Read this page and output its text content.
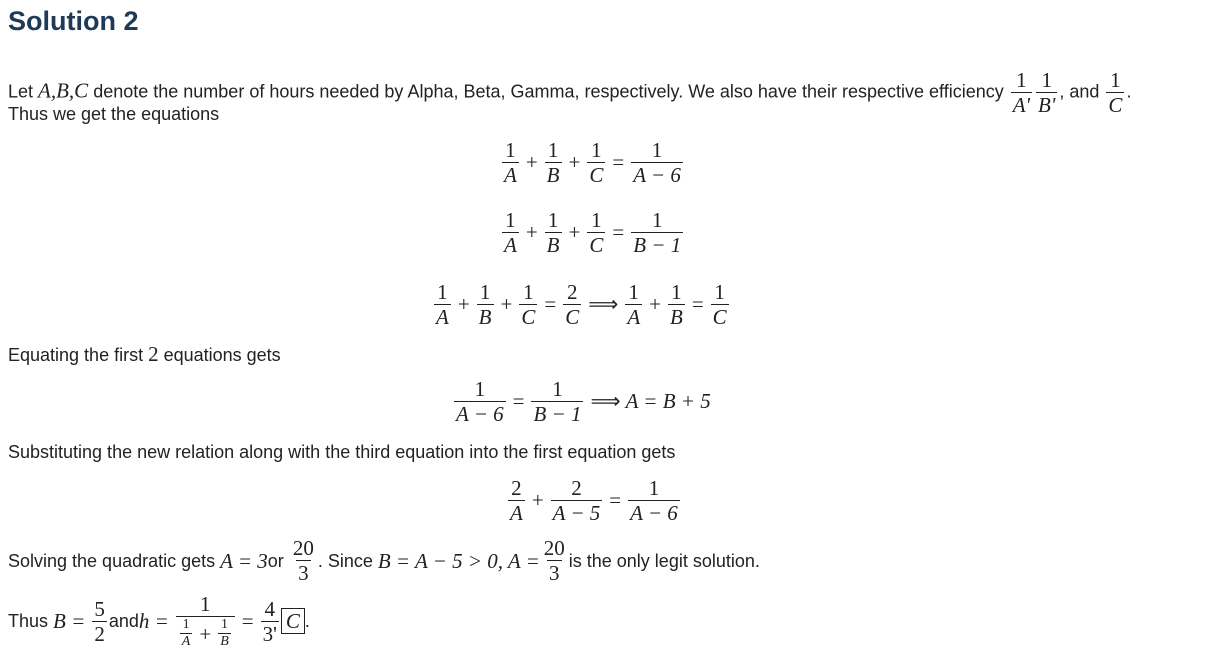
Solution 2
Let A,B,C denote the number of hours needed by Alpha, Beta, Gamma, respectively. We also have their respective efficiency $\frac{1}{A'} \frac{1}{B'}$ , and $\frac{1}{C}$ .
Thus we get the equations
$\frac{1}{A} + \frac{1}{B} + \frac{1}{C} = \frac{1}{A - 6}$
$\frac{1}{A} + \frac{1}{B} + \frac{1}{C} = \frac{1}{B - 1}$
$\frac{1}{A} + \frac{1}{B} + \frac{1}{C} = \frac{2}{C}$ ⟹ $\frac{1}{A} + \frac{1}{B} = \frac{1}{C}$
Equating the first 2 equations gets
$\frac{1}{A - 6} = \frac{1}{B - 1}$ ⟹ A = B + 5
Substituting the new relation along with the third equation into the first equation gets
$\frac{2}{A} + \frac{2}{A - 5} = \frac{1}{A - 6}$
Solving the quadratic gets
A = 3 or
$\frac{20}{3}$ . Since
B = A − 5 > 0, $A = \frac{20}{3}$ is the only legit solution.
Thus
B =
$\frac{5}{2}$ and h =
$\frac{1}{\frac{1}{A} + \frac{1}{B}} = \frac{4}{3'}$ C .
